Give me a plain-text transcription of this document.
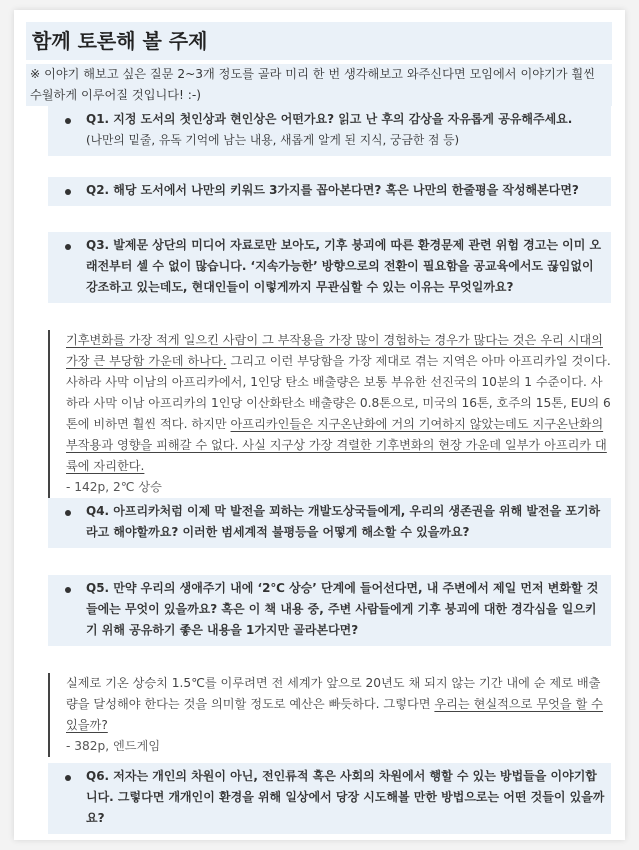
함께 토론해 볼 주제
※ 이야기 해보고 싶은 질문 2~3개 정도를 골라 미리 한 번 생각해보고 와주신다면 모임에서 이야기가 훨씬 수월하게 이루어질 것입니다! :-)
Q1. 지정 도서의 첫인상과 현인상은 어떤가요? 읽고 난 후의 감상을 자유롭게 공유해주세요.
(나만의 밑줄, 유독 기억에 남는 내용, 새롭게 알게 된 지식, 궁금한 점 등)
Q2. 해당 도서에서 나만의 키워드 3가지를 꼽아본다면? 혹은 나만의 한줄평을 작성해본다면?
Q3. 발제문 상단의 미디어 자료로만 보아도, 기후 붕괴에 따른 환경문제 관련 위험 경고는 이미 오래전부터 셀 수 없이 많습니다. ‘지속가능한’ 방향으로의 전환이 필요함을 공교육에서도 끊임없이 강조하고 있는데도, 현대인들이 이렇게까지 무관심할 수 있는 이유는 무엇일까요?
기후변화를 가장 적게 일으킨 사람이 그 부작용을 가장 많이 경험하는 경우가 많다는 것은 우리 시대의 가장 큰 부당함 가운데 하나다. 그리고 이런 부당함을 가장 제대로 겪는 지역은 아마 아프리카일 것이다. 사하라 사막 이남의 아프리카에서, 1인당 탄소 배출량은 보통 부유한 선진국의 10분의 1 수준이다. 사하라 사막 이남 아프리카의 1인당 이산화탄소 배출량은 0.8톤으로, 미국의 16톤, 호주의 15톤, EU의 6톤에 비하면 훨씬 적다. 하지만 아프리카인들은 지구온난화에 거의 기여하지 않았는데도 지구온난화의 부작용과 영향을 피해갈 수 없다. 사실 지구상 가장 격렬한 기후변화의 현장 가운데 일부가 아프리카 대륙에 자리한다.
- 142p, 2℃ 상승
Q4. 아프리카처럼 이제 막 발전을 꾀하는 개발도상국들에게, 우리의 생존권을 위해 발전을 포기하라고 해야할까요? 이러한 범세계적 불평등을 어떻게 해소할 수 있을까요?
Q5. 만약 우리의 생애주기 내에 ‘2℃ 상승’ 단계에 들어선다면, 내 주변에서 제일 먼저 변화할 것들에는 무엇이 있을까요? 혹은 이 책 내용 중, 주변 사람들에게 기후 붕괴에 대한 경각심을 일으키기 위해 공유하기 좋은 내용을 1가지만 골라본다면?
실제로 기온 상승치 1.5℃를 이루려면 전 세계가 앞으로 20년도 채 되지 않는 기간 내에 순 제로 배출량을 달성해야 한다는 것을 의미할 정도로 예산은 빠듯하다. 그렇다면 우리는 현실적으로 무엇을 할 수 있을까?
- 382p, 엔드게임
Q6. 저자는 개인의 차원이 아닌, 전인류적 혹은 사회의 차원에서 행할 수 있는 방법들을 이야기합니다. 그렇다면 개개인이 환경을 위해 일상에서 당장 시도해볼 만한 방법으로는 어떤 것들이 있을까요?
